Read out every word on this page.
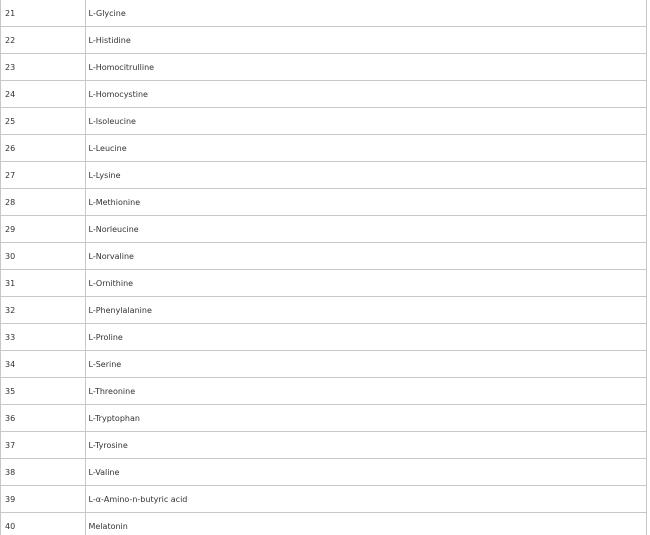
21	L-Glycine
22	L-Histidine
23	L-Homocitrulline
24	L-Homocystine
25	L-Isoleucine
26	L-Leucine
27	L-Lysine
28	L-Methionine
29	L-Norleucine
30	L-Norvaline
31	L-Ornithine
32	L-Phenylalanine
33	L-Proline
34	L-Serine
35	L-Threonine
36	L-Tryptophan
37	L-Tyrosine
38	L-Valine
39	L-α-Amino-n-butyric acid
40	Melatonin
